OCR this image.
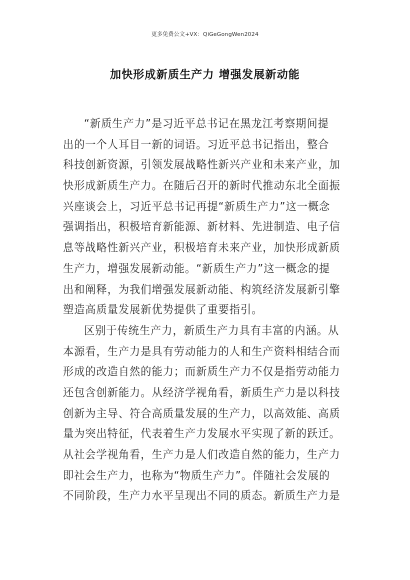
更多免费公文+VX：QiGeGongWen2024
加快形成新质生产力 增强发展新动能
“新质生产力”是习近平总书记在黑龙江考察期间提
出的一个人耳目一新的词语。习近平总书记指出，整合
科技创新资源，引领发展战略性新兴产业和未来产业，加
快形成新质生产力。在随后召开的新时代推动东北全面振
兴座谈会上，习近平总书记再提“新质生产力”这一概念
强调指出，积极培育新能源、新材料、先进制造、电子信
息等战略性新兴产业，积极培育未来产业，加快形成新质
生产力，增强发展新动能。“新质生产力”这一概念的提
出和阐释，为我们增强发展新动能、构筑经济发展新引擎
塑造高质量发展新优势提供了重要指引。
区别于传统生产力，新质生产力具有丰富的内涵。从
本源看，生产力是具有劳动能力的人和生产资料相结合而
形成的改造自然的能力；而新质生产力不仅是指劳动能力
还包含创新能力。从经济学视角看，新质生产力是以科技
创新为主导、符合高质量发展的生产力，以高效能、高质
量为突出特征，代表着生产力发展水平实现了新的跃迁。
从社会学视角看，生产力是人们改造自然的能力，生产力
即社会生产力，也称为“物质生产力”。伴随社会发展的
不同阶段，生产力水平呈现出不同的质态。新质生产力是
